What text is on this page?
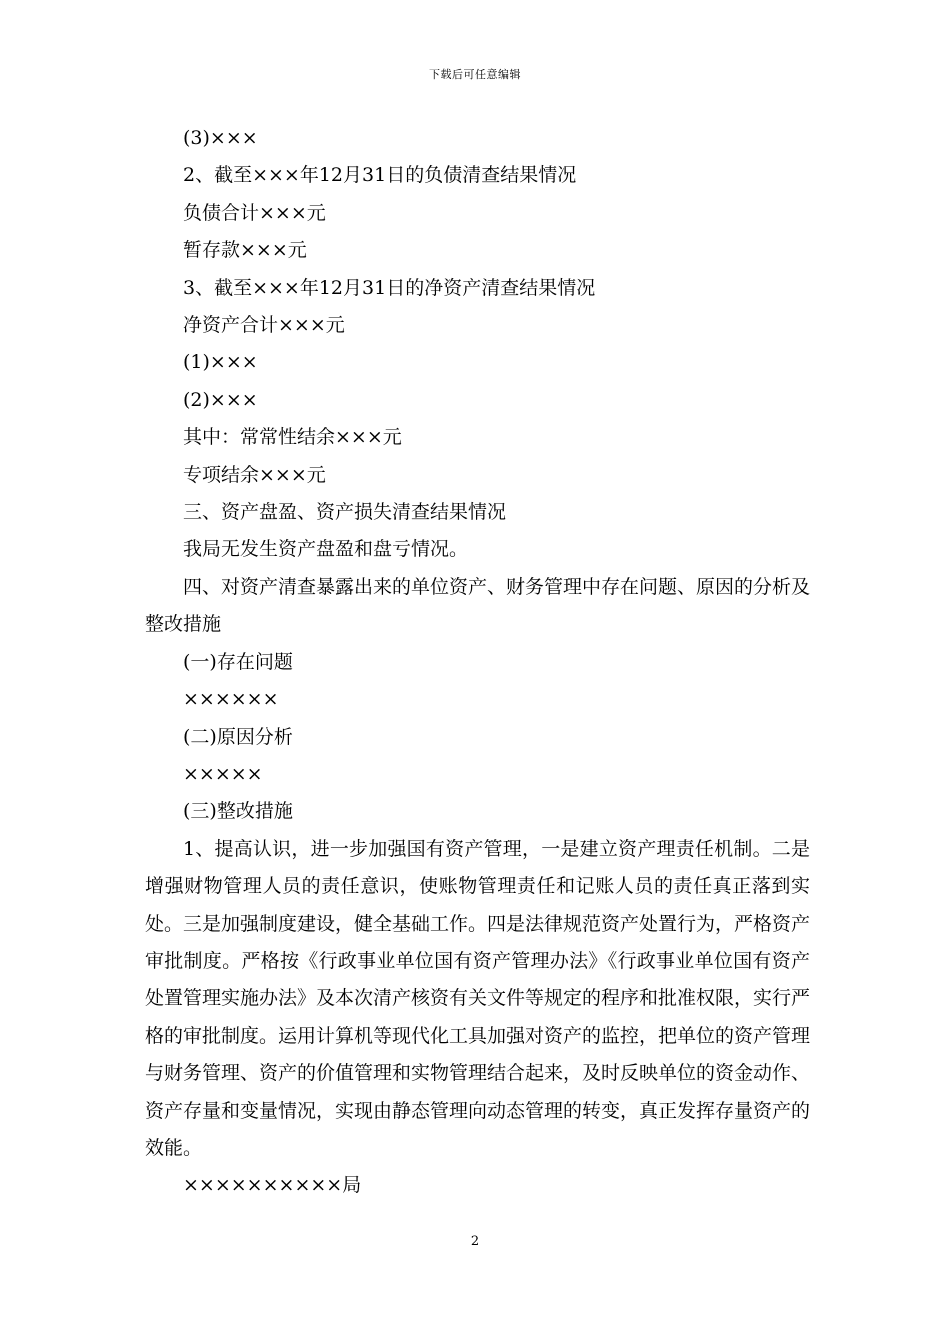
下载后可任意编辑

(3)×××

2、截至×××年12月31日的负债清查结果情况

负债合计×××元

暂存款×××元

3、截至×××年12月31日的净资产清查结果情况

净资产合计×××元

(1)×××

(2)×××

其中：常常性结余×××元

专项结余×××元

三、资产盘盈、资产损失清查结果情况

我局无发生资产盘盈和盘亏情况。

四、对资产清查暴露出来的单位资产、财务管理中存在问题、原因的分析及整改措施

(一)存在问题

××××××

(二)原因分析

×××××

(三)整改措施

1、提高认识，进一步加强国有资产管理，一是建立资产理责任机制。二是增强财物管理人员的责任意识，使账物管理责任和记账人员的责任真正落到实处。三是加强制度建设，健全基础工作。四是法律规范资产处置行为，严格资产审批制度。严格按《行政事业单位国有资产管理办法》《行政事业单位国有资产处置管理实施办法》及本次清产核资有关文件等规定的程序和批准权限，实行严格的审批制度。运用计算机等现代化工具加强对资产的监控，把单位的资产管理与财务管理、资产的价值管理和实物管理结合起来，及时反映单位的资金动作、资产存量和变量情况，实现由静态管理向动态管理的转变，真正发挥存量资产的效能。

××××××××××局

2
